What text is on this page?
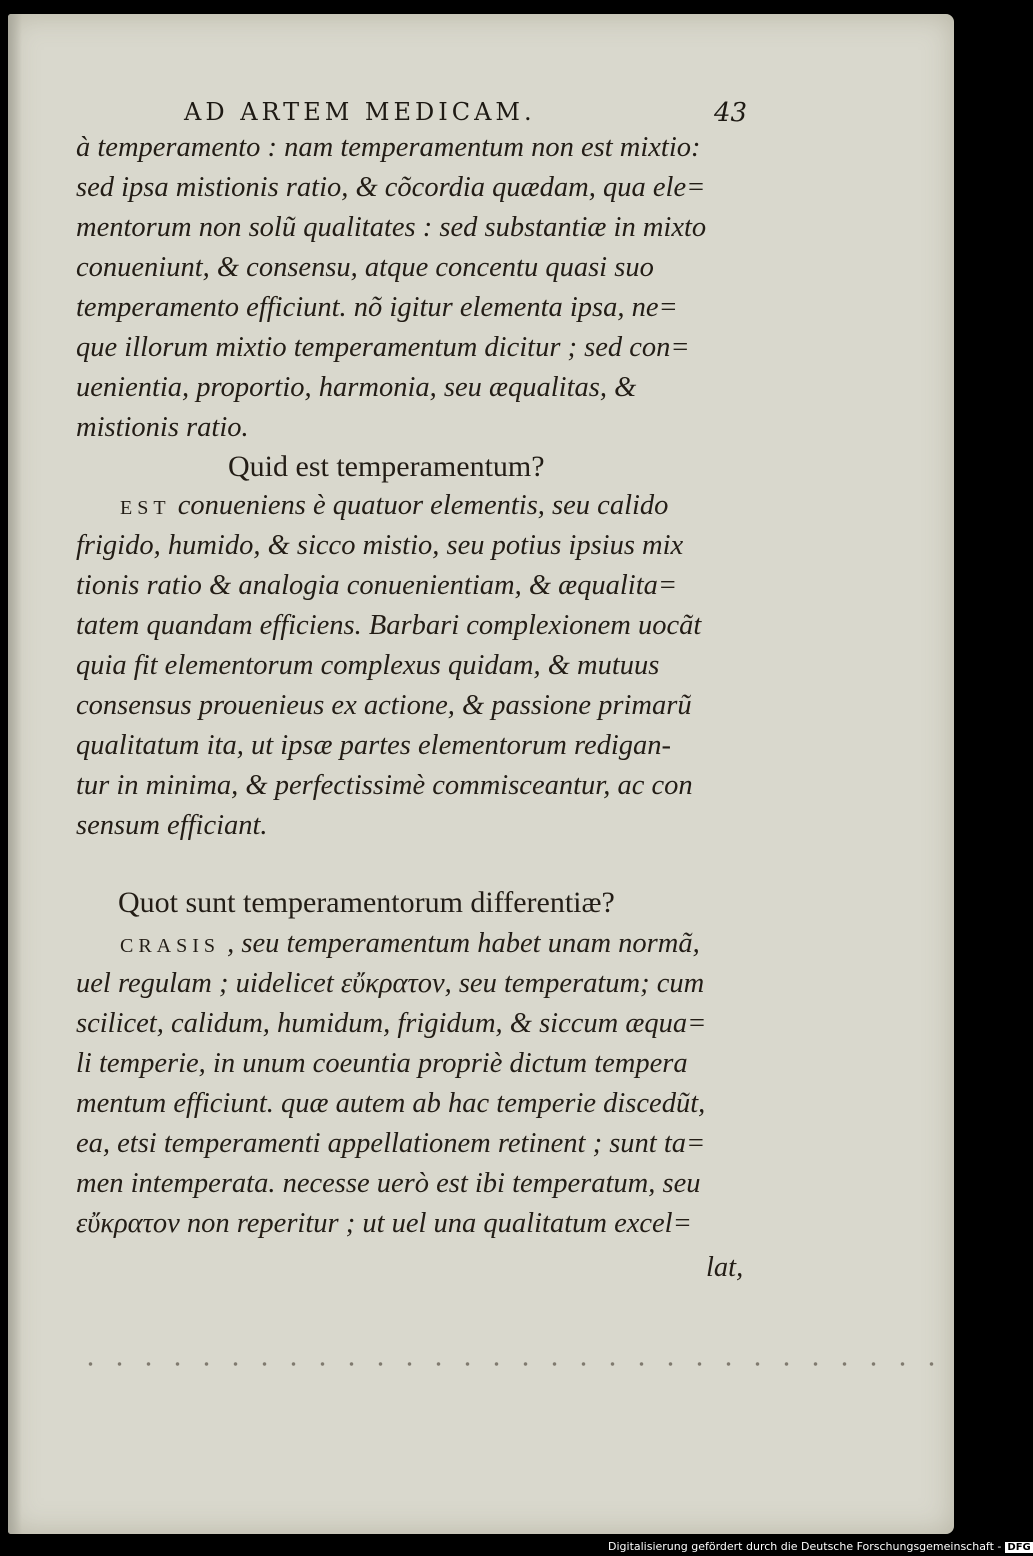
AD ARTEM MEDICAM.	43
à temperamento : nam temperamentum non est mixtio:
sed ipsa mistionis ratio, & cõcordia quædam, qua ele=
mentorum non solũ qualitates : sed substantiæ in mixto
conueniunt, & consensu, atque concentu quasi suo
temperamento efficiunt. nõ igitur elementa ipsa, ne=
que illorum mixtio temperamentum dicitur ; sed con=
uenientia, proportio, harmonia, seu æqualitas, &
mistionis ratio.
Quid est temperamentum?
EST conueniens è quatuor elementis, seu calido
frigido, humido, & sicco mistio, seu potius ipsius mix
tionis ratio & analogia conuenientiam, & æqualita=
tatem quandam efficiens. Barbari complexionem uocãt
quia fit elementorum complexus quidam, & mutuus
consensus prouenieus ex actione, & passione primarũ
qualitatum ita, ut ipsæ partes elementorum redigan-
tur in minima, & perfectissimè commisceantur, ac con
sensum efficiant.
Quot sunt temperamentorum differentiæ?
CRASIS , seu temperamentum habet unam normã,
uel regulam ; uidelicet εὔκρατον, seu temperatum; cum
scilicet, calidum, humidum, frigidum, & siccum æqua=
li temperie, in unum coeuntia propriè dictum tempera
mentum efficiunt. quæ autem ab hac temperie discedũt,
ea, etsi temperamenti appellationem retinent ; sunt ta=
men intemperata. necesse uerò est ibi temperatum, seu
εὔκρατον non reperitur ; ut uel una qualitatum excel=
lat,
Digitalisierung gefördert durch die Deutsche Forschungsgemeinschaft - DFG
